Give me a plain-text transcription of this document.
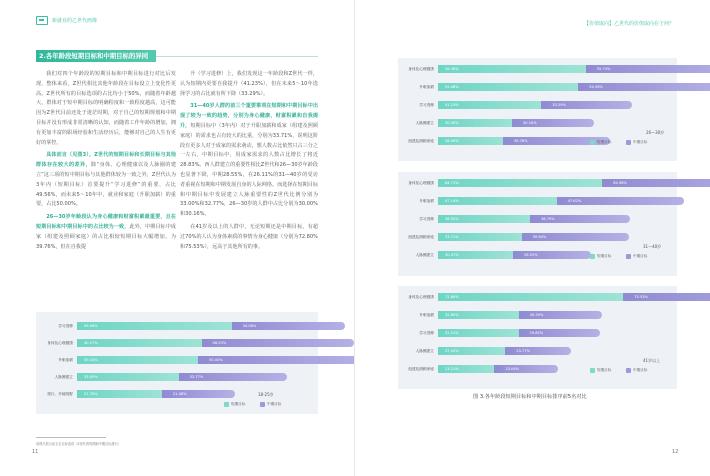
新就业的乙世代画像
2.各年龄段短期目标和中期目标的异同

我们对四个年龄段的短期目标和中期目标进行对比后发现，整体来看，Z世代相比其他年龄段在目标设立上变化性更高。Z世代所有的目标选项的占比均小于50%，而随着年龄越大，群体对于短中期目标的明确程度和一致程度越高，这可能因为Z世代目前还处于迷茫时期，对于自己的短期规划和中期目标并没有形成非常清晰的认知，而随着工作年龄的增加，拥有更加丰富的职场经验和生活经历后，能够对自己的人生有更好的掌控。

具体而言（见图3），Z世代的短期目标和长期目标与其他群体存在较大的差异，除“身体、心理健康以及人脉圈的建立”这三项的短中期目标与其他群体较为一致之外，Z世代认为3年内（短期目标）首要提升“学习进修”的重要，占比49.56%，而未来5～10年中，就业和家庭（升职加薪）的重要，占比50.00%。

26—30岁年龄段认为身心健康和财富积累最重要，且在短期目标和中期目标中的占比较为一致，此外，中期目标中成家（组建及照顾家庭）的占比相较短期目标大幅增加，为39.76%，但在自我提

升（学习进修）上，我们发现这一年龄段和Z世代一样，认为短期内更要自我提升（41.23%），但在未来5～10年选择学习的占比就有所下降（33.29%）。

31—40岁人群的前三个重要事项在短期和中期目标中出现了较为一致的趋势，分别为身心健康、财富积累和自我提升，短期目标中（3年内）对于升职加薪和成家（组建及照顾家庭）的需求也占有较大的比重，分别为33.71%，说明这阶段有更多人对于成家的需求萌动，想人数占比依然只占三分之一左右，中期目标中，用成家需求的人数占比增长了将近28.83%。西人群建立的重要性相比Z世代和26—30岁年龄段也显著下降，中期28.55%，在26.11%的31—40岁的受访者重视在短期和中期发展自身的人际网络。而选择在短期目标和中期目标中发展建立人脉重要性的Z世代比例分别为33.00%和32.77%，26—30岁的人群中占比分别为30.00%和30.16%。

在41岁及以上的人群中，无论短期还是中期目标，有超过70%的人认为身体素质的事情为身心健康（分别为72.80%和75.53%），远高于其他所有的事。

学习进修	49.56%	34.08%
身体及心理健康	40.17%	46.53%
升职加薪	39.10%	50.00%
人脉圈建立	33.00%	32.77%
旅行、开阔视野	27.78%	21.48%	18-25岁
短期目标	中期目标
该图只展示前五名目标选项（Z世代的短期和中期目标排行）
11
【价值取向】乙世代的价值取向在于何？
身体及心理健康	58.36%	55.74%
升职加薪	55.48%	54.56%
学习进修	41.23%	33.29%
人脉圈建立	30.00%	30.16%
组建及照顾家庭	26.49%	39.76%
26—30岁
短期目标	中期目标
身体及心理健康	64.71%	64.98%
升职加薪	47.14%	47.62%
学习进修	36.92%	36.79%
组建及照顾家庭	33.71%	39.60%
人脉圈建立	30.37%	28.55%
31—40岁
短期目标	中期目标
身体及心理健康	72.80%	75.53%
升职加薪	32.60%	30.50%
学习进修	32.51%	29.82%
人脉圈建立	27.43%	23.77%
组建及照顾家庭	23.21%	23.04%
41岁以上
短期目标	中期目标
图 3.各年龄段短期目标和中期目标排序前5名对比
12
